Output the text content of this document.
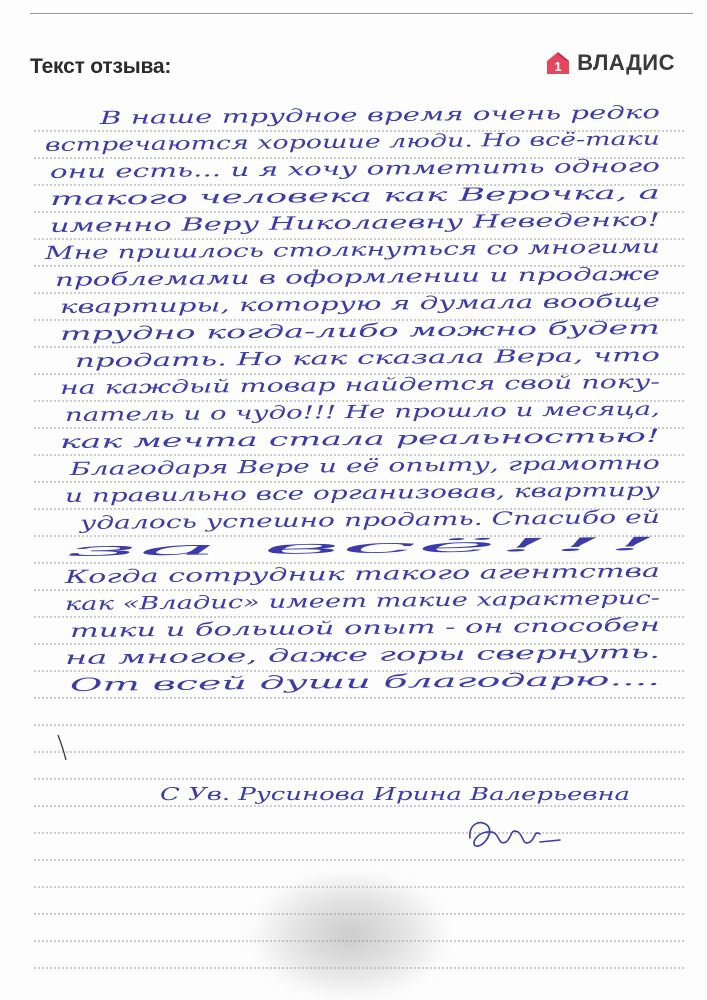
Текст отзыва:	1 ВЛАДИС
В наше трудное время очень редко
встречаются хорошие люди. Но всё-таки
они есть... и я хочу отметить одного
такого человека как Верочка, а
именно Веру Николаевну Неведенко!
Мне пришлось столкнуться со многими
проблемами в оформлении и продаже
квартиры, которую я думала вообще
трудно когда-либо можно будет
продать. Но как сказала Вера, что
на каждый товар найдется свой поку-
патель и о чудо!!! Не прошло и месяца,
как мечта стала реальностью!
Благодаря Вере и её опыту, грамотно
и правильно все организовав, квартиру
удалось успешно продать. Спасибо ей
за всё!!!
Когда сотрудник такого агентства
как «Владис» имеет такие характерис-
тики и большой опыт - он способен
на многое, даже горы свернуть.
От всей души благодарю....
С Ув. Русинова Ирина Валерьевна
